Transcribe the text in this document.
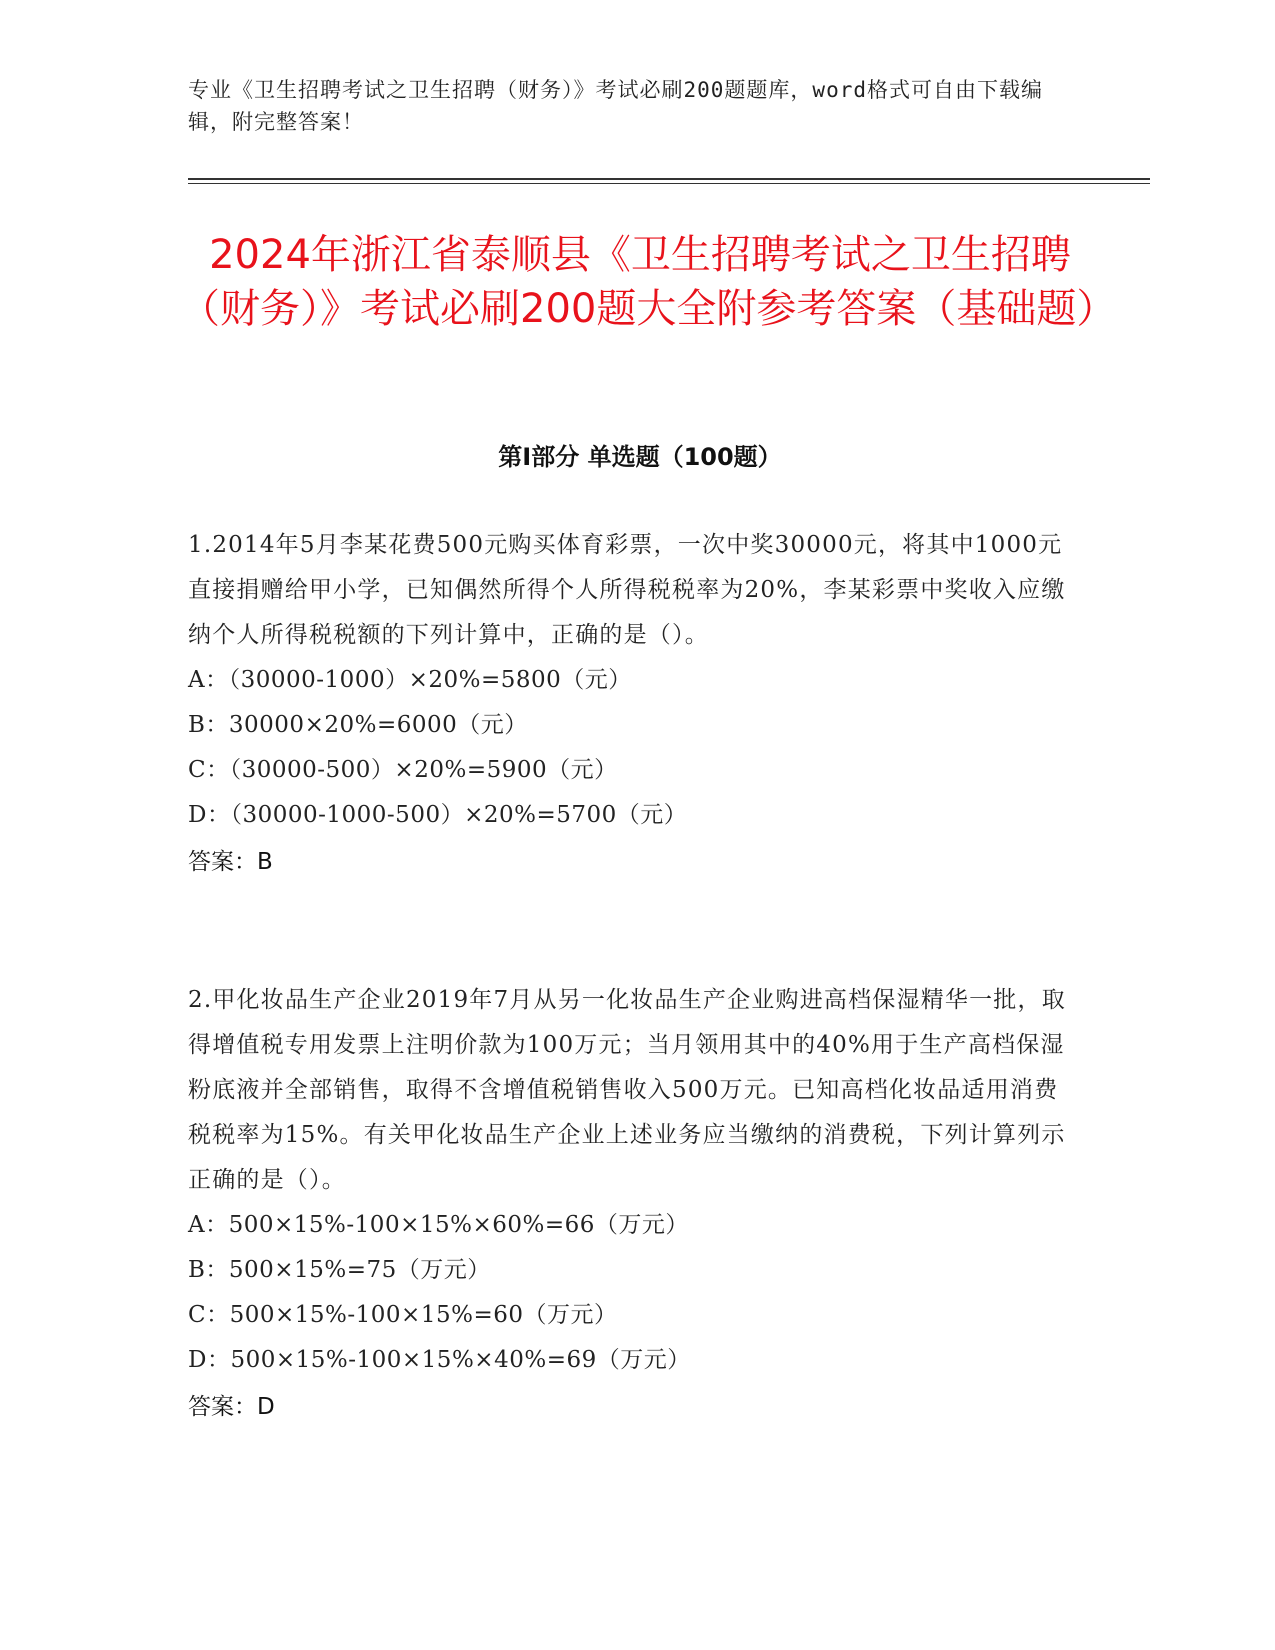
专业《卫生招聘考试之卫生招聘（财务）》考试必刷200题题库，word格式可自由下载编辑，附完整答案！
2024年浙江省泰顺县《卫生招聘考试之卫生招聘（财务）》考试必刷200题大全附参考答案（基础题）
第I部分 单选题（100题）
1.2014年5月李某花费500元购买体育彩票，一次中奖30000元，将其中1000元直接捐赠给甲小学，已知偶然所得个人所得税税率为20%，李某彩票中奖收入应缴纳个人所得税税额的下列计算中，正确的是（）。
A：（30000-1000）×20%=5800（元）
B：30000×20%=6000（元）
C：（30000-500）×20%=5900（元）
D：（30000-1000-500）×20%=5700（元）
答案：B
2.甲化妆品生产企业2019年7月从另一化妆品生产企业购进高档保湿精华一批，取得增值税专用发票上注明价款为100万元；当月领用其中的40%用于生产高档保湿粉底液并全部销售，取得不含增值税销售收入500万元。已知高档化妆品适用消费税税率为15%。有关甲化妆品生产企业上述业务应当缴纳的消费税，下列计算列示正确的是（）。
A：500×15%-100×15%×60%=66（万元）
B：500×15%=75（万元）
C：500×15%-100×15%=60（万元）
D：500×15%-100×15%×40%=69（万元）
答案：D
